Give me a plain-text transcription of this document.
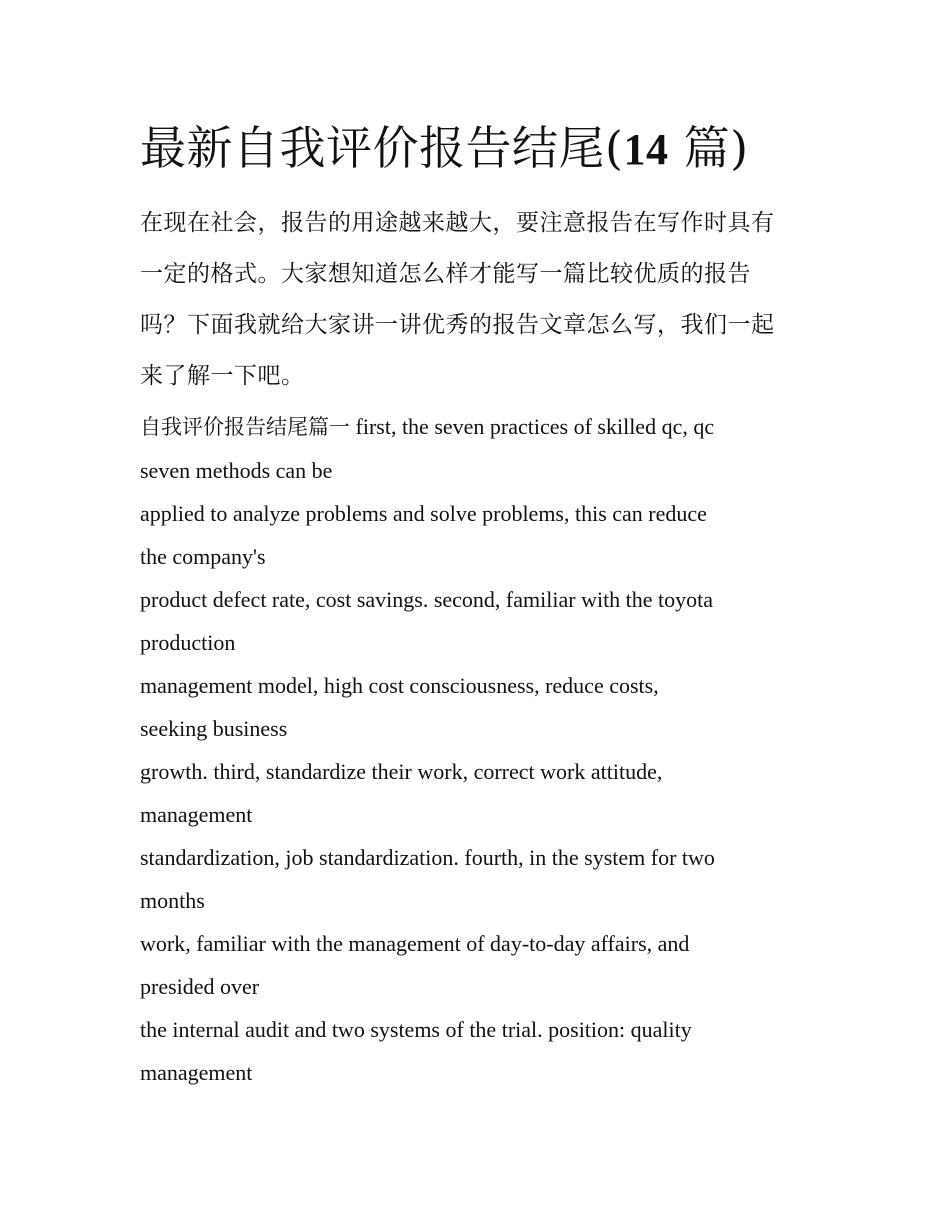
最新自我评价报告结尾(14 篇)
在现在社会，报告的用途越来越大，要注意报告在写作时具有
一定的格式。大家想知道怎么样才能写一篇比较优质的报告
吗？下面我就给大家讲一讲优秀的报告文章怎么写，我们一起
来了解一下吧。
自我评价报告结尾篇一 first, the seven practices of skilled qc, qc
seven methods can be
applied to analyze problems and solve problems, this can reduce
the company's
product defect rate, cost savings. second, familiar with the toyota
production
management model, high cost consciousness, reduce costs,
seeking business
growth. third, standardize their work, correct work attitude,
management
standardization, job standardization. fourth, in the system for two
months
work, familiar with the management of day-to-day affairs, and
presided over
the internal audit and two systems of the trial. position: quality
management
